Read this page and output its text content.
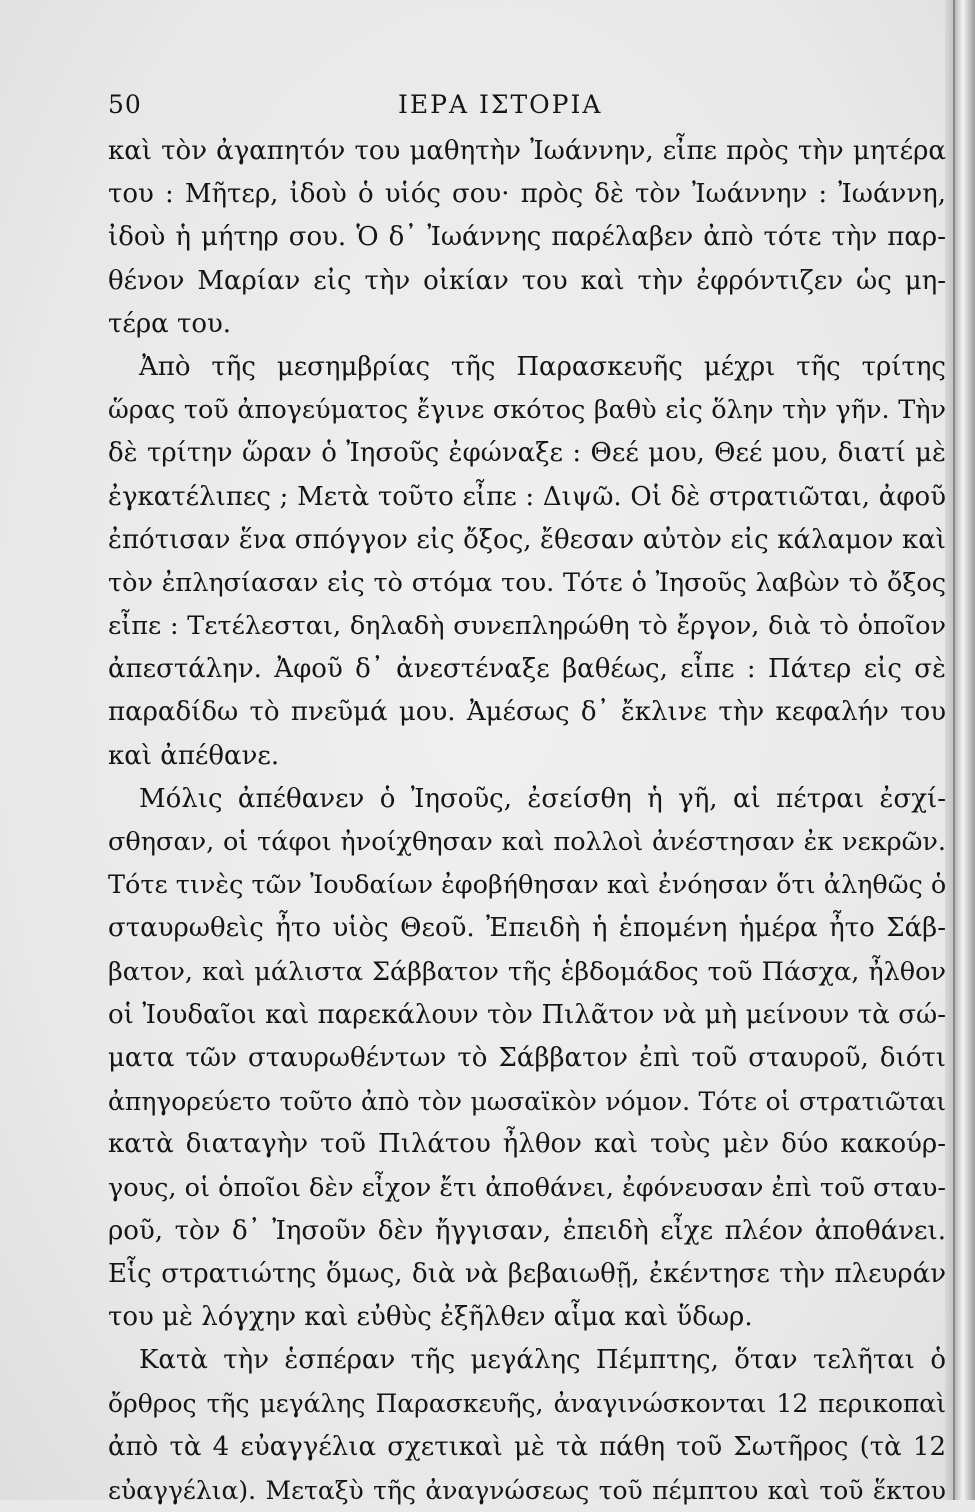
50	ΙΕΡΑ ΙΣΤΟΡΙΑ
καὶ τὸν ἀγαπητόν του μαθητὴν Ἰωάννην, εἶπε πρὸς τὴν μητέρα
του : Μῆτερ, ἰδοὺ ὁ υἱός σου· πρὸς δὲ τὸν Ἰωάννην : Ἰωάννη,
ἰδοὺ ἡ μήτηρ σου. Ὁ δ᾽ Ἰωάννης παρέλαβεν ἀπὸ τότε τὴν παρ-
θένον Μαρίαν εἰς τὴν οἰκίαν του καὶ τὴν ἐφρόντιζεν ὡς μη-
τέρα του.
Ἀπὸ τῆς μεσημβρίας τῆς Παρασκευῆς μέχρι τῆς τρίτης
ὥρας τοῦ ἀπογεύματος ἔγινε σκότος βαθὺ εἰς ὅλην τὴν γῆν. Τὴν
δὲ τρίτην ὥραν ὁ Ἰησοῦς ἐφώναξε : Θεέ μου, Θεέ μου, διατί μὲ
ἐγκατέλιπες ; Μετὰ τοῦτο εἶπε : Διψῶ. Οἱ δὲ στρατιῶται, ἀφοῦ
ἐπότισαν ἕνα σπόγγον εἰς ὄξος, ἔθεσαν αὐτὸν εἰς κάλαμον καὶ
τὸν ἐπλησίασαν εἰς τὸ στόμα του. Τότε ὁ Ἰησοῦς λαβὼν τὸ ὄξος
εἶπε : Τετέλεσται, δηλαδὴ συνεπληρώθη τὸ ἔργον, διὰ τὸ ὁποῖον
ἀπεστάλην. Ἀφοῦ δ᾽ ἀνεστέναξε βαθέως, εἶπε : Πάτερ εἰς σὲ
παραδίδω τὸ πνεῦμά μου. Ἀμέσως δ᾽ ἔκλινε τὴν κεφαλήν του
καὶ ἀπέθανε.
Μόλις ἀπέθανεν ὁ Ἰησοῦς, ἐσείσθη ἡ γῆ, αἱ πέτραι ἐσχί-
σθησαν, οἱ τάφοι ἠνοίχθησαν καὶ πολλοὶ ἀνέστησαν ἐκ νεκρῶν.
Τότε τινὲς τῶν Ἰουδαίων ἐφοβήθησαν καὶ ἐνόησαν ὅτι ἀληθῶς ὁ
σταυρωθεὶς ἦτο υἱὸς Θεοῦ. Ἐπειδὴ ἡ ἑπομένη ἡμέρα ἦτο Σάβ-
βατον, καὶ μάλιστα Σάββατον τῆς ἑβδομάδος τοῦ Πάσχα, ἦλθον
οἱ Ἰουδαῖοι καὶ παρεκάλουν τὸν Πιλᾶτον νὰ μὴ μείνουν τὰ σώ-
ματα τῶν σταυρωθέντων τὸ Σάββατον ἐπὶ τοῦ σταυροῦ, διότι
ἀπηγορεύετο τοῦτο ἀπὸ τὸν μωσαϊκὸν νόμον. Τότε οἱ στρατιῶται
κατὰ διαταγὴν τοῦ Πιλάτου ἦλθον καὶ τοὺς μὲν δύο κακούρ-
γους, οἱ ὁποῖοι δὲν εἶχον ἔτι ἀποθάνει, ἐφόνευσαν ἐπὶ τοῦ σταυ-
ροῦ, τὸν δ᾽ Ἰησοῦν δὲν ἤγγισαν, ἐπειδὴ εἶχε πλέον ἀποθάνει.
Εἷς στρατιώτης ὅμως, διὰ νὰ βεβαιωθῇ, ἐκέντησε τὴν πλευράν
του μὲ λόγχην καὶ εὐθὺς ἐξῆλθεν αἷμα καὶ ὕδωρ.
Κατὰ τὴν ἑσπέραν τῆς μεγάλης Πέμπτης, ὅταν τελῆται ὁ
ὄρθρος τῆς μεγάλης Παρασκευῆς, ἀναγινώσκονται 12 περικοπαὶ
ἀπὸ τὰ 4 εὐαγγέλια σχετικαὶ μὲ τὰ πάθη τοῦ Σωτῆρος (τὰ 12
εὐαγγέλια). Μεταξὺ τῆς ἀναγνώσεως τοῦ πέμπτου καὶ τοῦ ἕκτου
